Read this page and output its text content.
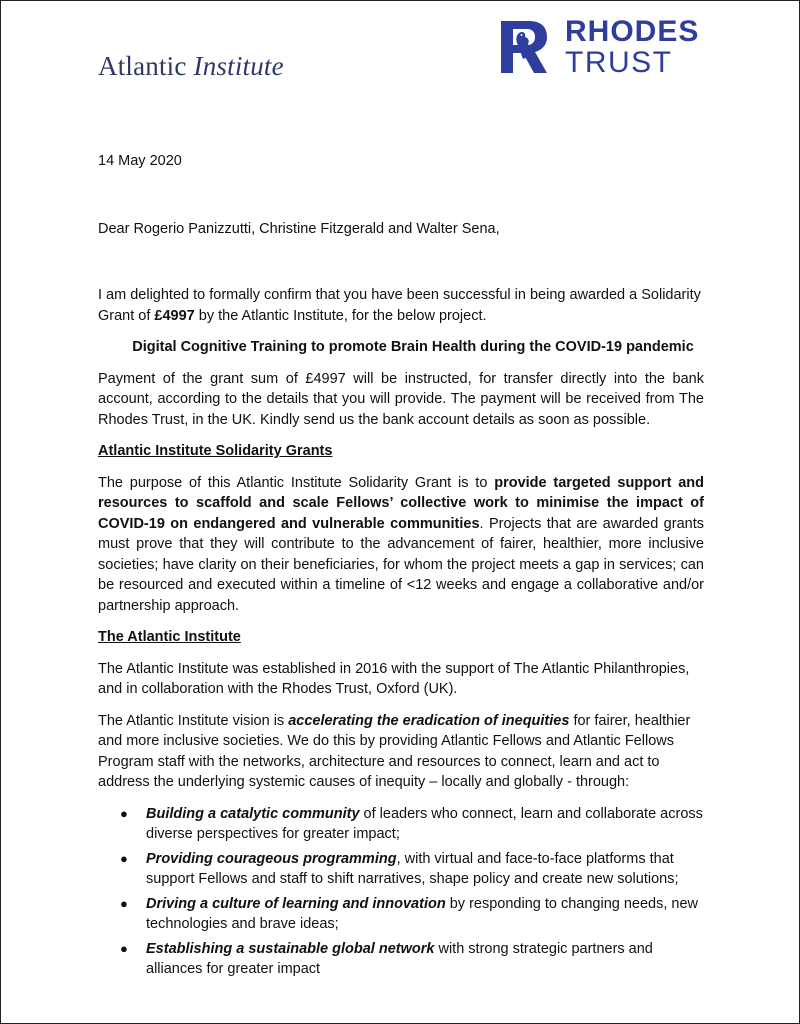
Atlantic Institute
RHODES
TRUST
14 May 2020
Dear Rogerio Panizzutti, Christine Fitzgerald and Walter Sena,

I am delighted to formally confirm that you have been successful in being awarded a Solidarity Grant of £4997 by the Atlantic Institute, for the below project.

Digital Cognitive Training to promote Brain Health during the COVID-19 pandemic

Payment of the grant sum of £4997 will be instructed, for transfer directly into the bank account, according to the details that you will provide. The payment will be received from The Rhodes Trust, in the UK. Kindly send us the bank account details as soon as possible.

Atlantic Institute Solidarity Grants

The purpose of this Atlantic Institute Solidarity Grant is to provide targeted support and resources to scaffold and scale Fellows’ collective work to minimise the impact of COVID-19 on endangered and vulnerable communities. Projects that are awarded grants must prove that they will contribute to the advancement of fairer, healthier, more inclusive societies; have clarity on their beneficiaries, for whom the project meets a gap in services; can be resourced and executed within a timeline of <12 weeks and engage a collaborative and/or partnership approach.

The Atlantic Institute

The Atlantic Institute was established in 2016 with the support of The Atlantic Philanthropies, and in collaboration with the Rhodes Trust, Oxford (UK).

The Atlantic Institute vision is accelerating the eradication of inequities for fairer, healthier and more inclusive societies. We do this by providing Atlantic Fellows and Atlantic Fellows Program staff with the networks, architecture and resources to connect, learn and act to address the underlying systemic causes of inequity – locally and globally - through:

● Building a catalytic community of leaders who connect, learn and collaborate across diverse perspectives for greater impact;
● Providing courageous programming, with virtual and face-to-face platforms that support Fellows and staff to shift narratives, shape policy and create new solutions;
● Driving a culture of learning and innovation by responding to changing needs, new technologies and brave ideas;
● Establishing a sustainable global network with strong strategic partners and alliances for greater impact
